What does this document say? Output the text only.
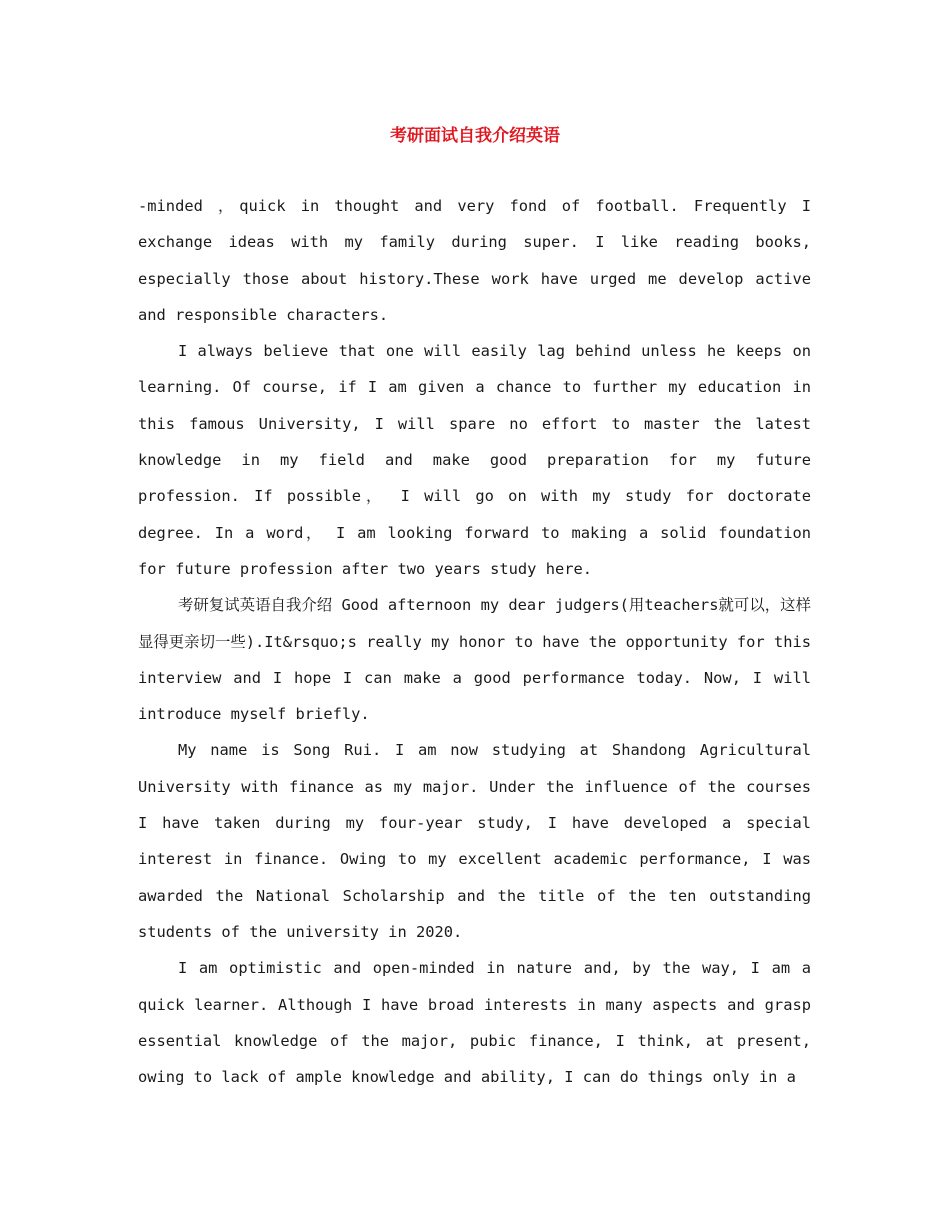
考研面试自我介绍英语

-minded ，quick in thought and very fond of football. Frequently I exchange ideas with my family during super. I like reading books, especially those about history.These work have urged me develop active and responsible characters.

I always believe that one will easily lag behind unless he keeps on learning. Of course, if I am given a chance to further my education in this famous University, I will spare no effort to master the latest knowledge in my field and make good preparation for my future profession. If possible， I will go on with my study for doctorate degree. In a word， I am looking forward to making a solid foundation for future profession after two years study here.

考研复试英语自我介绍 Good afternoon my dear judgers(用teachers就可以，这样显得更亲切一些).It&rsquo;s really my honor to have the opportunity for this interview and I hope I can make a good performance today. Now, I will introduce myself briefly.

My name is Song Rui. I am now studying at Shandong Agricultural University with finance as my major. Under the influence of the courses I have taken during my four-year study, I have developed a special interest in finance. Owing to my excellent academic performance, I was awarded the National Scholarship and the title of the ten outstanding students of the university in 2020.

I am optimistic and open-minded in nature and, by the way, I am a quick learner. Although I have broad interests in many aspects and grasp essential knowledge of the major, pubic finance, I think, at present, owing to lack of ample knowledge and ability, I can do things only in a
